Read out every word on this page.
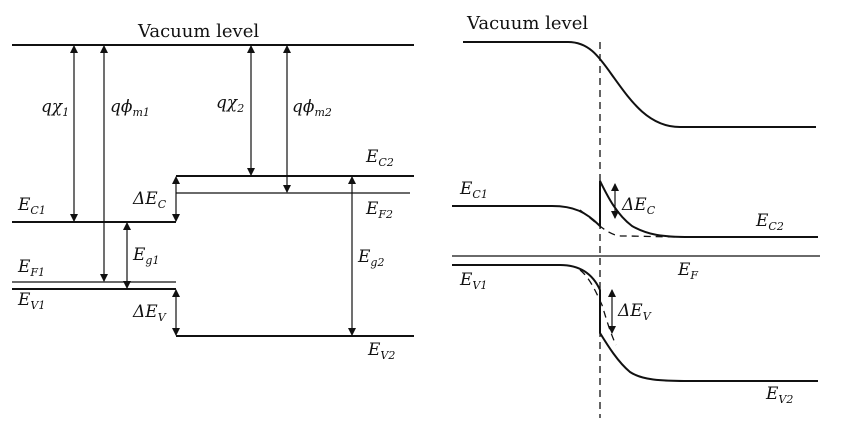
Vacuum level
$q\chi_1$ $q\phi_{m1}$	$q\chi_2$	$q\phi_{m2}$
$E_{C1}$
$E_{F1}$
$E_{V1}$
$E_{g1}$
$\Delta E_C$
$\Delta E_V$
$E_{C2}$
$E_{F2}$
$E_{g2}$
$E_{V2}$
Vacuum level
$E_{C1}$
$E_{V1}$
$\Delta E_C$
$\Delta E_V$
$E_{C2}$
$E_F$
$E_{V2}$
